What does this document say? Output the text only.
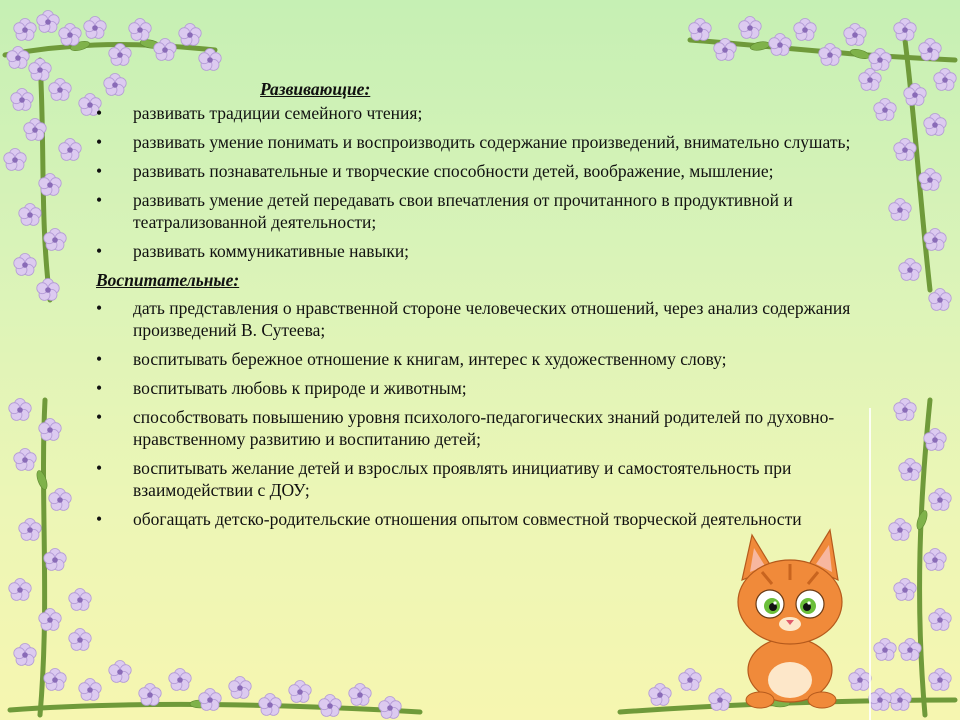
Развивающие:
• развивать традиции семейного чтения;
• развивать умение понимать и воспроизводить содержание произведений, внимательно слушать;
• развивать познавательные и творческие способности детей, воображение, мышление;
• развивать умение детей передавать свои впечатления от прочитанного в продуктивной и театрализованной деятельности;
• развивать коммуникативные навыки;
Воспитательные:
• дать представления о нравственной стороне человеческих отношений, через анализ содержания произведений В. Сутеева;
• воспитывать бережное отношение к книгам, интерес к художественному слову;
• воспитывать любовь к природе и животным;
• способствовать повышению уровня психолого-педагогических знаний родителей по духовно- нравственному развитию и воспитанию детей;
• воспитывать желание детей и взрослых проявлять инициативу и самостоятельность при взаимодействии с ДОУ;
• обогащать детско-родительские отношения опытом совместной творческой деятельности
